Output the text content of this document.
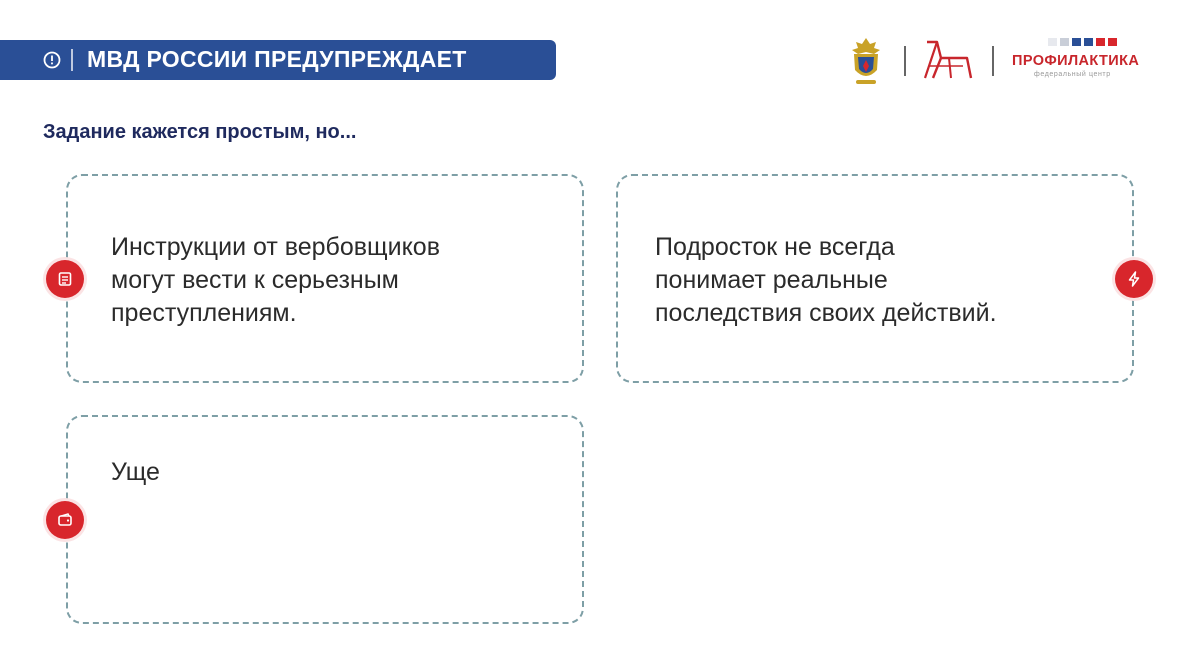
МВД РОССИИ ПРЕДУПРЕЖДАЕТ	ПРОФИЛАКТИКА
федеральный центр
Задание кажется простым, но...
Инструкции от вербовщиков
могут вести к серьезным
преступлениям.
Подросток не всегда
понимает реальные
последствия своих действий.
Уще
